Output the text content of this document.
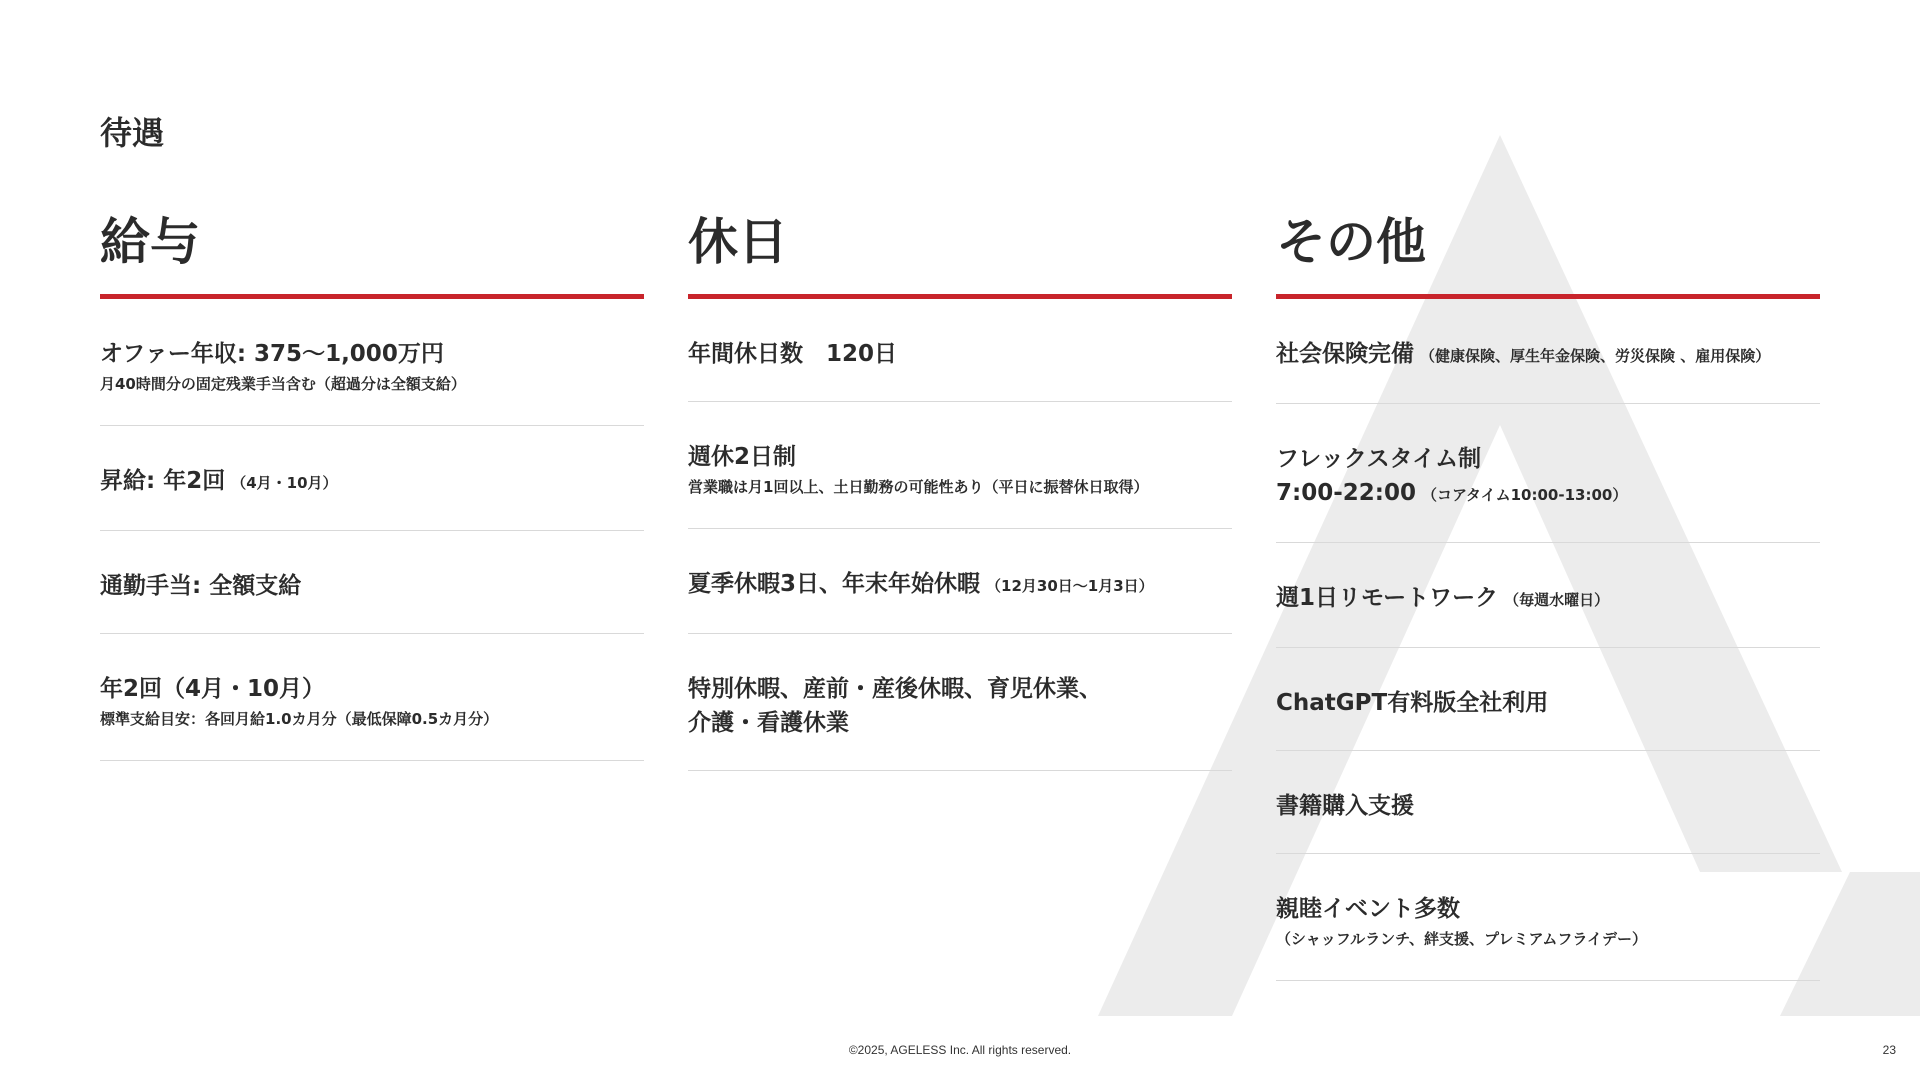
待遇
給与
オファー年収: 375〜1,000万円
月40時間分の固定残業手当含む（超過分は全額支給）
昇給: 年2回 （4月・10月）
通勤手当: 全額支給
年2回（4月・10月）
標準支給目安：各回月給1.0カ月分（最低保障0.5カ月分）
休日
年間休日数　120日
週休2日制
営業職は月1回以上、土日勤務の可能性あり（平日に振替休日取得）
夏季休暇3日、年末年始休暇 （12月30日〜1月3日）
特別休暇、産前・産後休暇、育児休業、
介護・看護休業
その他
社会保険完備 （健康保険、厚生年金保険、労災保険 、雇用保険）
フレックスタイム制
7:00-22:00 （コアタイム10:00-13:00）
週1日リモートワーク （毎週水曜日）
ChatGPT有料版全社利用
書籍購入支援
親睦イベント多数
（シャッフルランチ、絆支援、プレミアムフライデー）
©2025, AGELESS Inc. All rights reserved.	23
